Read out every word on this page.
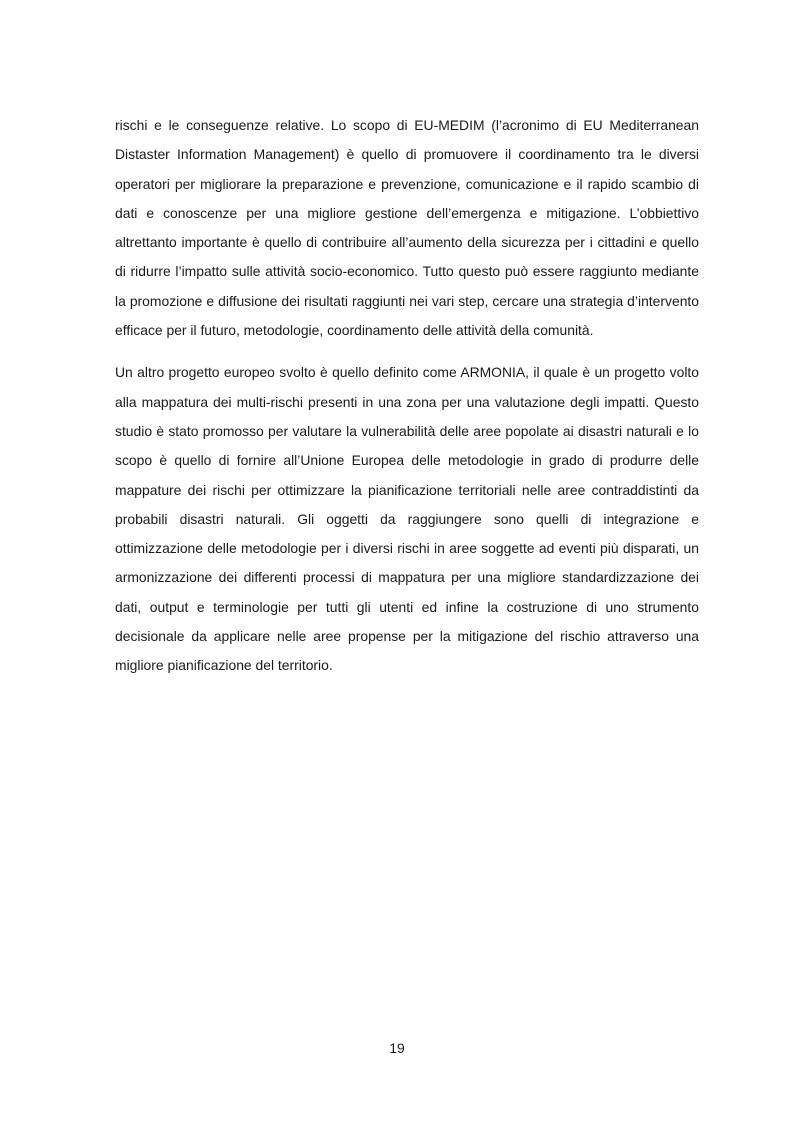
rischi e le conseguenze relative. Lo scopo di EU-MEDIM (l’acronimo di EU Mediterranean Distaster Information Management) è quello di promuovere il coordinamento tra le diversi operatori per migliorare la preparazione e prevenzione, comunicazione e il rapido scambio di dati e conoscenze per una migliore gestione dell’emergenza e mitigazione. L’obbiettivo altrettanto importante è quello di contribuire all’aumento della sicurezza per i cittadini e quello di ridurre l’impatto sulle attività socio-economico. Tutto questo può essere raggiunto mediante la promozione e diffusione dei risultati raggiunti nei vari step, cercare una strategia d’intervento efficace per il futuro, metodologie, coordinamento delle attività della comunità.

Un altro progetto europeo svolto è quello definito come ARMONIA, il quale è un progetto volto alla mappatura dei multi-rischi presenti in una zona per una valutazione degli impatti. Questo studio è stato promosso per valutare la vulnerabilità delle aree popolate ai disastri naturali e lo scopo è quello di fornire all’Unione Europea delle metodologie in grado di produrre delle mappature dei rischi per ottimizzare la pianificazione territoriali nelle aree contraddistinti da probabili disastri naturali. Gli oggetti da raggiungere sono quelli di integrazione e ottimizzazione delle metodologie per i diversi rischi in aree soggette ad eventi più disparati, un armonizzazione dei differenti processi di mappatura per una migliore standardizzazione dei dati, output e terminologie per tutti gli utenti ed infine la costruzione di uno strumento decisionale da applicare nelle aree propense per la mitigazione del rischio attraverso una migliore pianificazione del territorio.

19
